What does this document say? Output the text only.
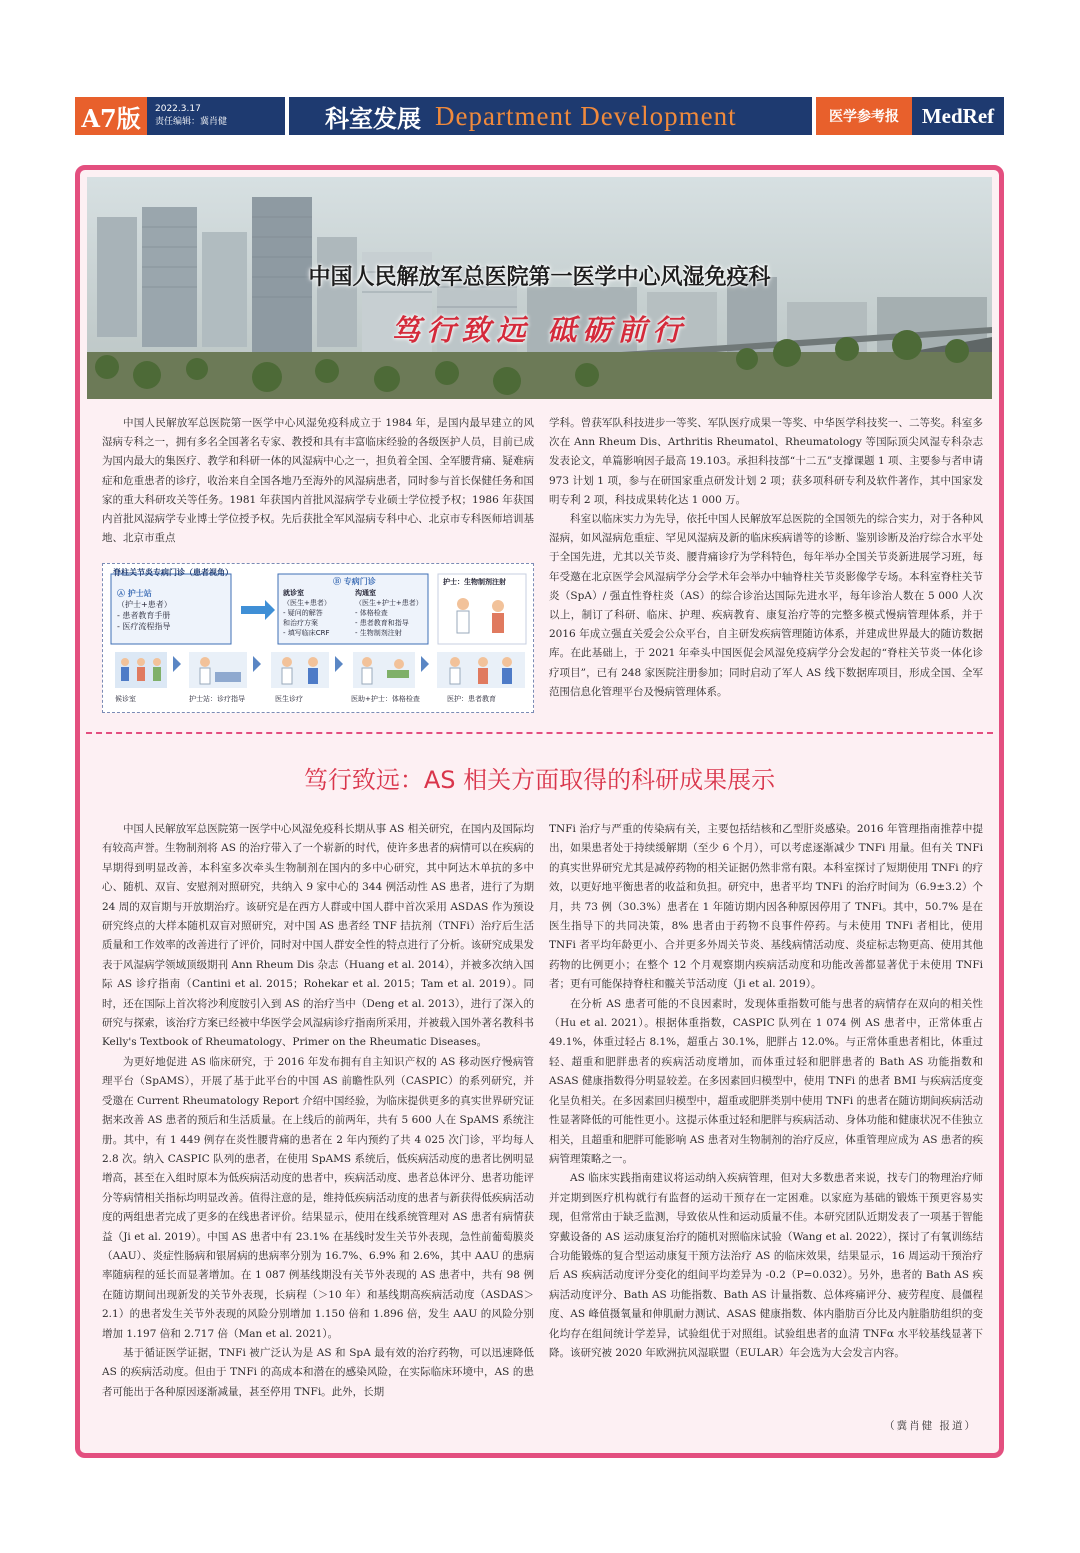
A7版	2022.3.17
责任编辑：冀肖健	科室发展 Department Development	医学参考报	MedRef
中国人民解放军总医院第一医学中心风湿免疫科
笃行致远 砥砺前行

中国人民解放军总医院第一医学中心风湿免疫科成立于 1984 年，是国内最早建立的风湿病专科之一，拥有多名全国著名专家、教授和具有丰富临床经验的各级医护人员，目前已成为国内最大的集医疗、教学和科研一体的风湿病中心之一，担负着全国、全军腰背痛、疑难病症和危重患者的诊疗，收治来自全国各地乃至海外的风湿病患者，同时参与首长保健任务和国家的重大科研攻关等任务。1981 年获国内首批风湿病学专业硕士学位授予权；1986 年获国内首批风湿病学专业博士学位授予权。先后获批全军风湿病专科中心、北京市专科医师培训基地、北京市重点

脊柱关节炎专病门诊（患者视角）
Ⓐ 护士站
（护士+患者）
- 患者教育手册
- 医疗流程指导
Ⓑ 专病门诊
就诊室
（医生+患者）
- 疑问的解答
和治疗方案
- 填写临床CRF
沟通室
（医生+护士+患者）
- 体格检查
- 患者教育和指导
- 生物制剂注射
护士：生物制剂注射
候诊室	护士站：诊疗指导	医生诊疗	医助+护士：体格检查	医护：患者教育

学科。曾获军队科技进步一等奖、军队医疗成果一等奖、中华医学科技奖一、二等奖。科室多次在 Ann Rheum Dis、Arthritis Rheumatol、Rheumatology 等国际顶尖风湿专科杂志发表论文，单篇影响因子最高 19.103。承担科技部“十二五”支撑课题 1 项、主要参与者申请 973 计划 1 项，参与在研国家重点研发计划 2 项；获多项科研专利及软件著作，其中国家发明专利 2 项，科技成果转化达 1 000 万。

科室以临床实力为先导，依托中国人民解放军总医院的全国领先的综合实力，对于各种风湿病，如风湿病危重症、罕见风湿病及新的临床疾病谱等的诊断、鉴别诊断及治疗综合水平处于全国先进，尤其以关节炎、腰背痛诊疗为学科特色，每年举办全国关节炎新进展学习班，每年受邀在北京医学会风湿病学分会学术年会举办中轴脊柱关节炎影像学专场。本科室脊柱关节炎（SpA）/ 强直性脊柱炎（AS）的综合诊治达国际先进水平，每年诊治人数在 5 000 人次以上，制订了科研、临床、护理、疾病教育、康复治疗等的完整多模式慢病管理体系，并于 2016 年成立强直关爱会公众平台，自主研发疾病管理随访体系，并建成世界最大的随访数据库。在此基础上，于 2021 年牵头中国医促会风湿免疫病学分会发起的“脊柱关节炎一体化诊疗项目”，已有 248 家医院注册参加；同时启动了军人 AS 线下数据库项目，形成全国、全军范围信息化管理平台及慢病管理体系。

笃行致远：AS 相关方面取得的科研成果展示

中国人民解放军总医院第一医学中心风湿免疫科长期从事 AS 相关研究，在国内及国际均有较高声誉。生物制剂将 AS 的治疗带入了一个崭新的时代，使许多患者的病情可以在疾病的早期得到明显改善，本科室多次牵头生物制剂在国内的多中心研究，其中阿达木单抗的多中心、随机、双盲、安慰剂对照研究，共纳入 9 家中心的 344 例活动性 AS 患者，进行了为期 24 周的双盲期与开放期治疗。该研究是在西方人群或中国人群中首次采用 ASDAS 作为预设研究终点的大样本随机双盲对照研究，对中国 AS 患者经 TNF 拮抗剂（TNFi）治疗后生活质量和工作效率的改善进行了评价，同时对中国人群安全性的特点进行了分析。该研究成果发表于风湿病学领域顶级期刊 Ann Rheum Dis 杂志（Huang et al. 2014），并被多次纳入国际 AS 诊疗指南（Cantini et al. 2015；Rohekar et al. 2015；Tam et al. 2019）。同时，还在国际上首次将沙利度胺引入到 AS 的治疗当中（Deng et al. 2013），进行了深入的研究与探索，该治疗方案已经被中华医学会风湿病诊疗指南所采用，并被载入国外著名教科书 Kelly's Textbook of Rheumatology、Primer on the Rheumatic Diseases。

为更好地促进 AS 临床研究，于 2016 年发布拥有自主知识产权的 AS 移动医疗慢病管理平台（SpAMS），开展了基于此平台的中国 AS 前瞻性队列（CASPIC）的系列研究，并受邀在 Current Rheumatology Report 介绍中国经验，为临床提供更多的真实世界研究证据来改善 AS 患者的预后和生活质量。在上线后的前两年，共有 5 600 人在 SpAMS 系统注册。其中，有 1 449 例存在炎性腰背痛的患者在 2 年内预约了共 4 025 次门诊，平均每人 2.8 次。纳入 CASPIC 队列的患者，在使用 SpAMS 系统后，低疾病活动度的患者比例明显增高，甚至在入组时原本为低疾病活动度的患者中，疾病活动度、患者总体评分、患者功能评分等病情相关指标均明显改善。值得注意的是，维持低疾病活动度的患者与新获得低疾病活动度的两组患者完成了更多的在线患者评价。结果显示，使用在线系统管理对 AS 患者有病情获益（Ji et al. 2019）。中国 AS 患者中有 23.1% 在基线时发生关节外表现，急性前葡萄膜炎（AAU）、炎症性肠病和银屑病的患病率分别为 16.7%、6.9% 和 2.6%，其中 AAU 的患病率随病程的延长而显著增加。在 1 087 例基线期没有关节外表现的 AS 患者中，共有 98 例在随访期间出现新发的关节外表现，长病程（＞10 年）和基线期高疾病活动度（ASDAS＞2.1）的患者发生关节外表现的风险分别增加 1.150 倍和 1.896 倍，发生 AAU 的风险分别增加 1.197 倍和 2.717 倍（Man et al. 2021）。

基于循证医学证据，TNFi 被广泛认为是 AS 和 SpA 最有效的治疗药物，可以迅速降低 AS 的疾病活动度。但由于 TNFi 的高成本和潜在的感染风险，在实际临床环境中，AS 的患者可能出于各种原因逐渐减量，甚至停用 TNFi。此外，长期

TNFi 治疗与严重的传染病有关，主要包括结核和乙型肝炎感染。2016 年管理指南推荐中提出，如果患者处于持续缓解期（至少 6 个月），可以考虑逐渐减少 TNFi 用量。但有关 TNFi 的真实世界研究尤其是减停药物的相关证据仍然非常有限。本科室探讨了短期使用 TNFi 的疗效，以更好地平衡患者的收益和负担。研究中，患者平均 TNFi 的治疗时间为（6.9±3.2）个月，共 73 例（30.3%）患者在 1 年随访期内因各种原因停用了 TNFi。其中，50.7% 是在医生指导下的共同决策，8% 患者由于药物不良事件停药。与未使用 TNFi 者相比，使用 TNFi 者平均年龄更小、合并更多外周关节炎、基线病情活动度、炎症标志物更高、使用其他药物的比例更小；在整个 12 个月观察期内疾病活动度和功能改善都显著优于未使用 TNFi 者；更有可能保持脊柱和髋关节活动度（Ji et al. 2019）。

在分析 AS 患者可能的不良因素时，发现体重指数可能与患者的病情存在双向的相关性（Hu et al. 2021）。根据体重指数，CASPIC 队列在 1 074 例 AS 患者中，正常体重占 49.1%，体重过轻占 8.1%，超重占 30.1%，肥胖占 12.0%。与正常体重患者相比，体重过轻、超重和肥胖患者的疾病活动度增加，而体重过轻和肥胖患者的 Bath AS 功能指数和 ASAS 健康指数得分明显较差。在多因素回归模型中，使用 TNFi 的患者 BMI 与疾病活度变化呈负相关。在多因素回归模型中，超重或肥胖类别中使用 TNFi 的患者在随访期间疾病活动性显著降低的可能性更小。这提示体重过轻和肥胖与疾病活动、身体功能和健康状况不佳独立相关，且超重和肥胖可能影响 AS 患者对生物制剂的治疗反应，体重管理应成为 AS 患者的疾病管理策略之一。

AS 临床实践指南建议将运动纳入疾病管理，但对大多数患者来说，找专门的物理治疗师并定期到医疗机构就行有监督的运动干预存在一定困难。以家庭为基础的锻炼干预更容易实现，但常常由于缺乏监测，导致依从性和运动质量不佳。本研究团队近期发表了一项基于智能穿戴设备的 AS 运动康复治疗的随机对照临床试验（Wang et al. 2022），探讨了有氧训练结合功能锻炼的复合型运动康复干预方法治疗 AS 的临床效果，结果显示，16 周运动干预治疗后 AS 疾病活动度评分变化的组间平均差异为 -0.2（P=0.032）。另外，患者的 Bath AS 疾病活动度评分、Bath AS 功能指数、Bath AS 计量指数、总体疼痛评分、疲劳程度、晨僵程度、AS 峰值摄氧量和伸肌耐力测试、ASAS 健康指数、体内脂肪百分比及内脏脂肪组织的变化均存在组间统计学差异，试验组优于对照组。试验组患者的血清 TNFα 水平较基线显著下降。该研究被 2020 年欧洲抗风湿联盟（EULAR）年会选为大会发言内容。

（冀肖健 报道）
